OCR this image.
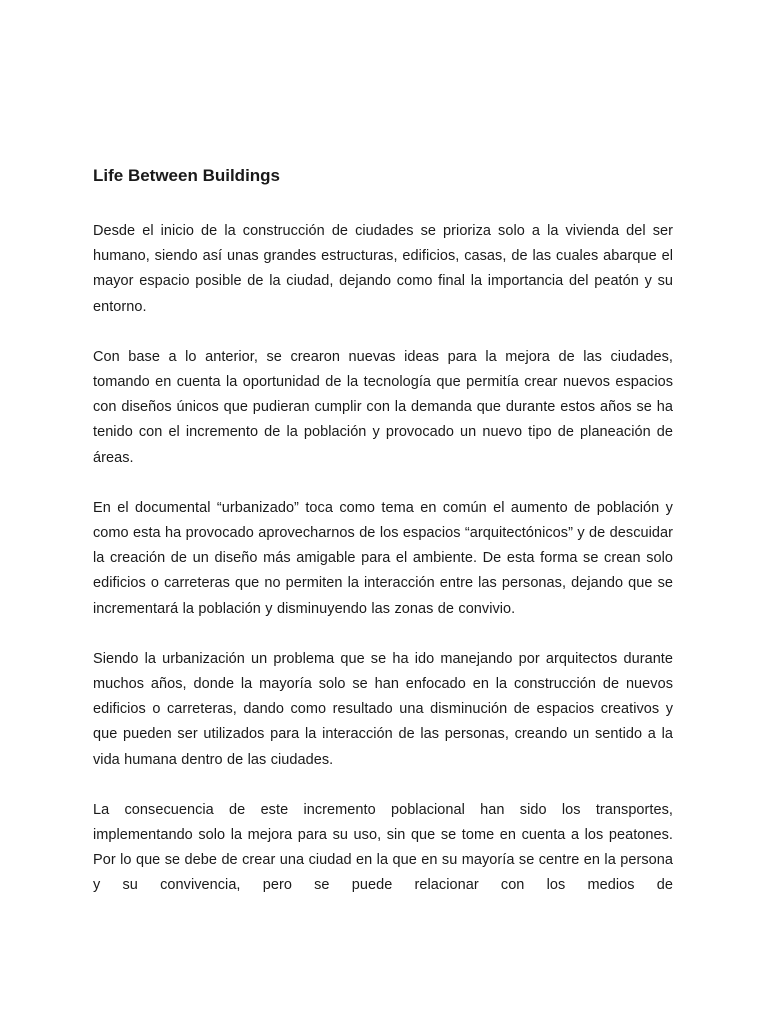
Life Between Buildings

Desde el inicio de la construcción de ciudades se prioriza solo a la vivienda del ser humano, siendo así unas grandes estructuras, edificios, casas, de las cuales abarque el mayor espacio posible de la ciudad, dejando como final la importancia del peatón y su entorno.

Con base a lo anterior, se crearon nuevas ideas para la mejora de las ciudades, tomando en cuenta la oportunidad de la tecnología que permitía crear nuevos espacios con diseños únicos que pudieran cumplir con la demanda que durante estos años se ha tenido con el incremento de la población y provocado un nuevo tipo de planeación de áreas.

En el documental “urbanizado” toca como tema en común el aumento de población y como esta ha provocado aprovecharnos de los espacios “arquitectónicos” y de descuidar la creación de un diseño más amigable para el ambiente. De esta forma se crean solo edificios o carreteras que no permiten la interacción entre las personas, dejando que se incrementará la población y disminuyendo las zonas de convivio.

Siendo la urbanización un problema que se ha ido manejando por arquitectos durante muchos años, donde la mayoría solo se han enfocado en la construcción de nuevos edificios o carreteras, dando como resultado una disminución de espacios creativos y que pueden ser utilizados para la interacción de las personas, creando un sentido a la vida humana dentro de las ciudades.

La consecuencia de este incremento poblacional han sido los transportes, implementando solo la mejora para su uso, sin que se tome en cuenta a los peatones. Por lo que se debe de crear una ciudad en la que en su mayoría se centre en la persona y su convivencia, pero se puede relacionar con los medios de
